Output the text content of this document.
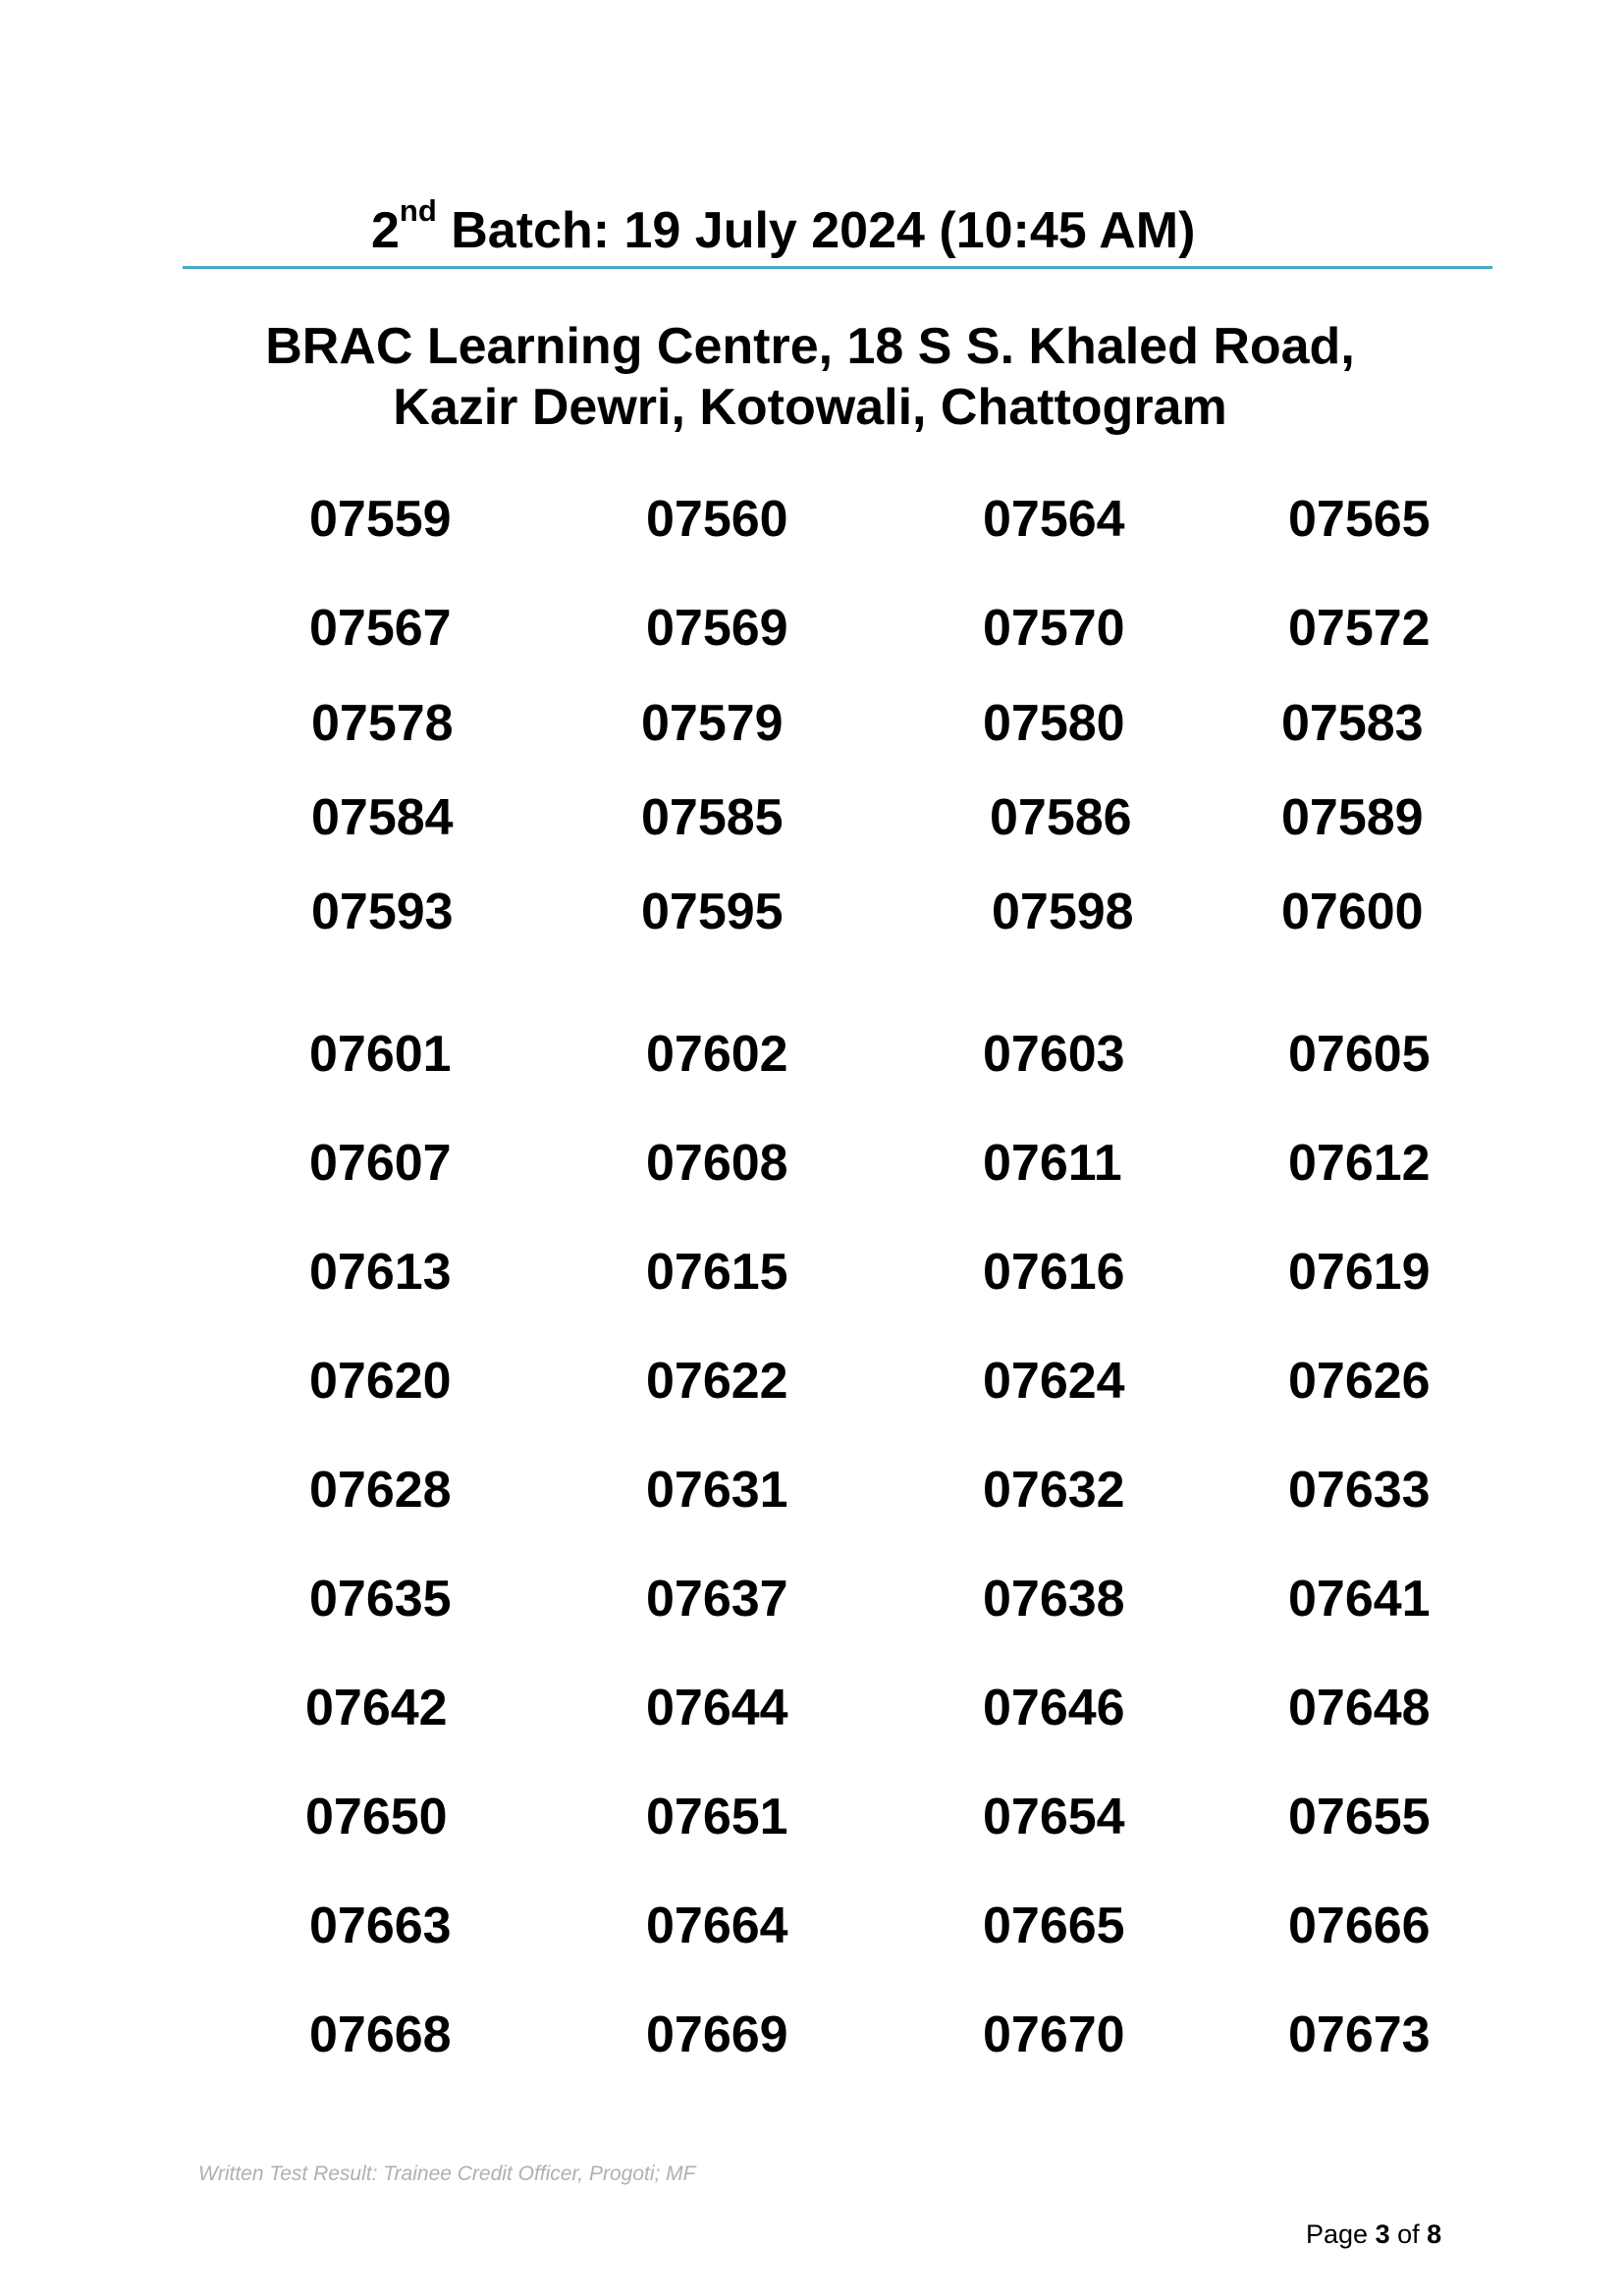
2nd Batch: 19 July 2024 (10:45 AM)
BRAC Learning Centre, 18 S S. Khaled Road,
Kazir Dewri, Kotowali, Chattogram
07559	07560	07564	07565
07567	07569	07570	07572
07578	07579	07580	07583
07584	07585	07586	07589
07593	07595	07598	07600
07601	07602	07603	07605
07607	07608	07611	07612
07613	07615	07616	07619
07620	07622	07624	07626
07628	07631	07632	07633
07635	07637	07638	07641
07642	07644	07646	07648
07650	07651	07654	07655
07663	07664	07665	07666
07668	07669	07670	07673
Written Test Result: Trainee Credit Officer, Progoti; MF
Page 3 of 8
